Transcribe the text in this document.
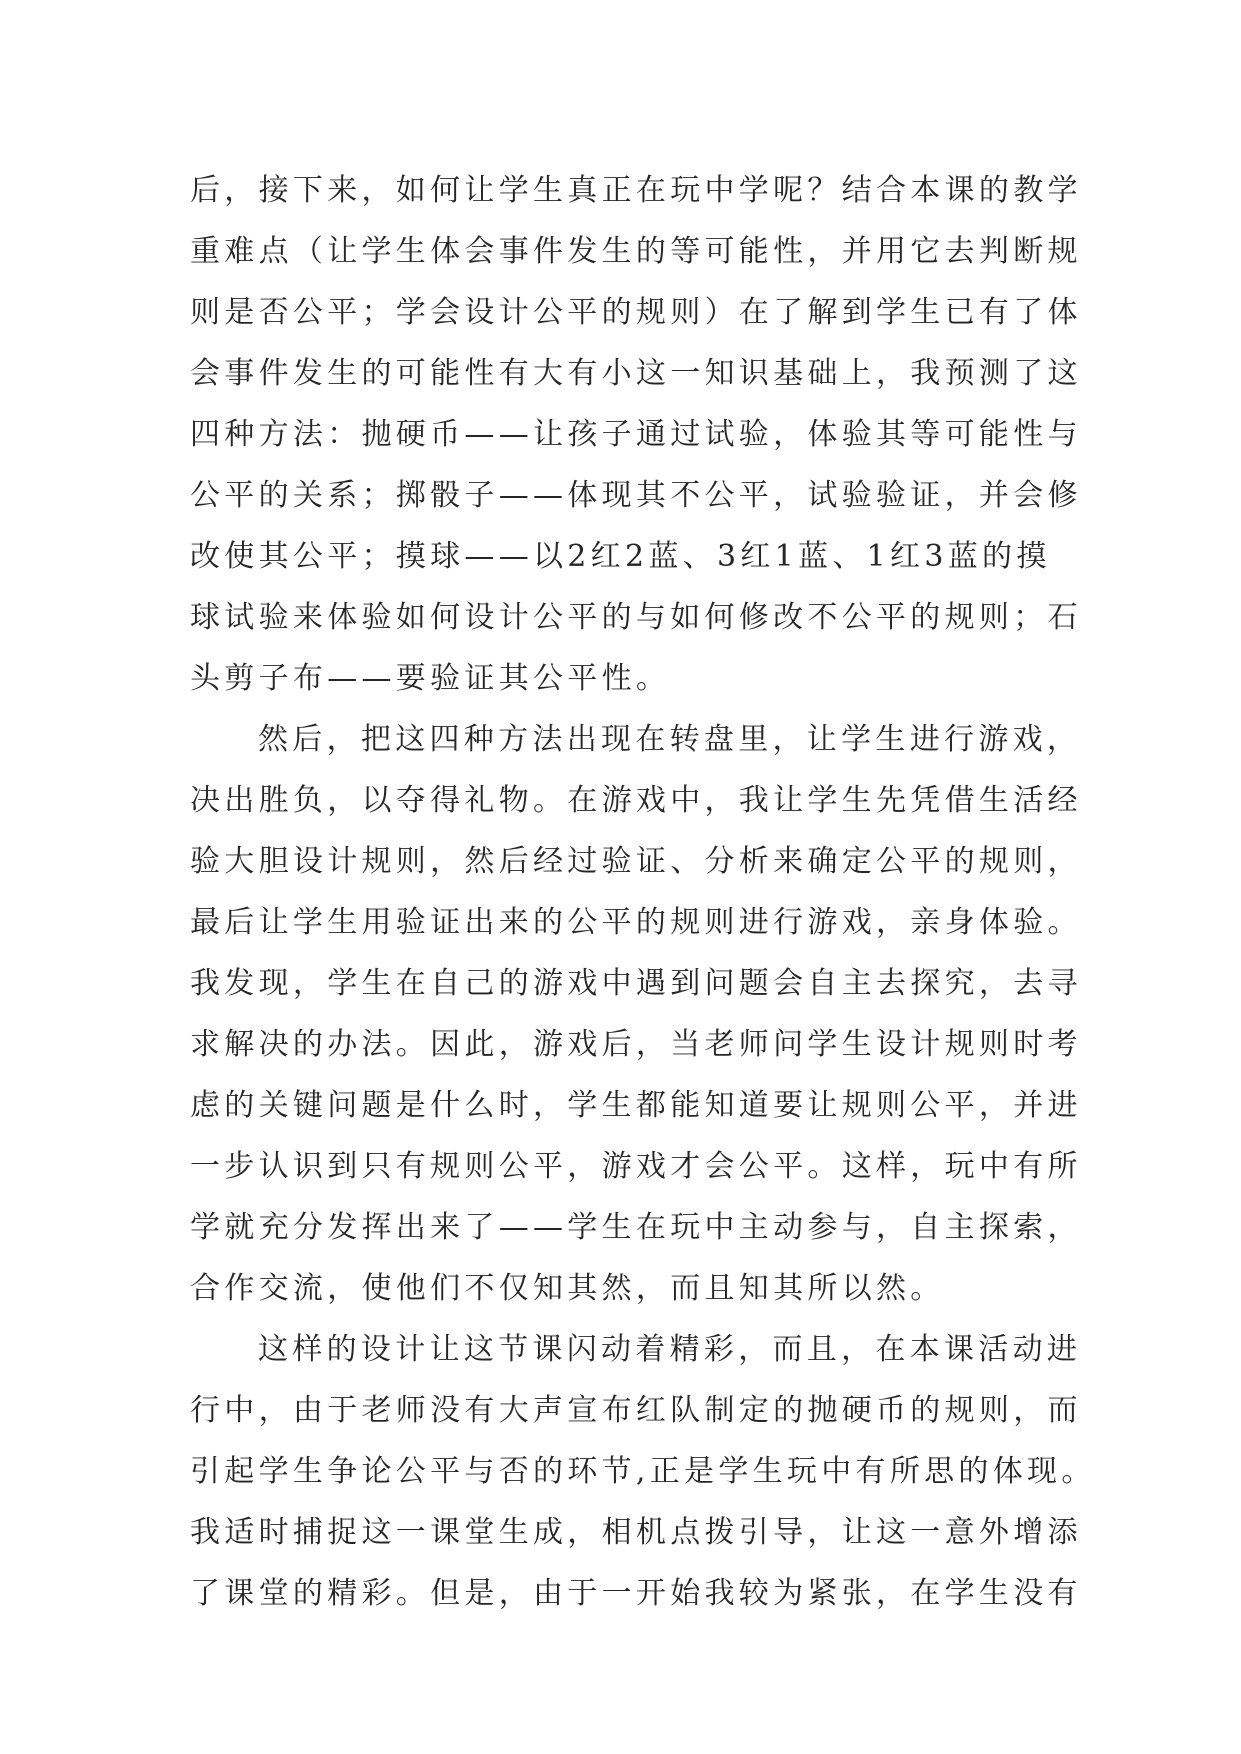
后，接下来，如何让学生真正在玩中学呢？结合本课的教学
重难点（让学生体会事件发生的等可能性，并用它去判断规
则是否公平；学会设计公平的规则）在了解到学生已有了体
会事件发生的可能性有大有小这一知识基础上，我预测了这
四种方法：抛硬币——让孩子通过试验，体验其等可能性与
公平的关系；掷骰子——体现其不公平，试验验证，并会修
改使其公平；摸球——以2红2蓝、3红1蓝、1红3蓝的摸
球试验来体验如何设计公平的与如何修改不公平的规则；石
头剪子布——要验证其公平性。
然后，把这四种方法出现在转盘里，让学生进行游戏，
决出胜负，以夺得礼物。在游戏中，我让学生先凭借生活经
验大胆设计规则，然后经过验证、分析来确定公平的规则，
最后让学生用验证出来的公平的规则进行游戏，亲身体验。
我发现，学生在自己的游戏中遇到问题会自主去探究，去寻
求解决的办法。因此，游戏后，当老师问学生设计规则时考
虑的关键问题是什么时，学生都能知道要让规则公平，并进
一步认识到只有规则公平，游戏才会公平。这样，玩中有所
学就充分发挥出来了——学生在玩中主动参与，自主探索，
合作交流，使他们不仅知其然，而且知其所以然。
这样的设计让这节课闪动着精彩，而且，在本课活动进
行中，由于老师没有大声宣布红队制定的抛硬币的规则，而
引起学生争论公平与否的环节,正是学生玩中有所思的体现。
我适时捕捉这一课堂生成，相机点拨引导，让这一意外增添
了课堂的精彩。但是，由于一开始我较为紧张，在学生没有
